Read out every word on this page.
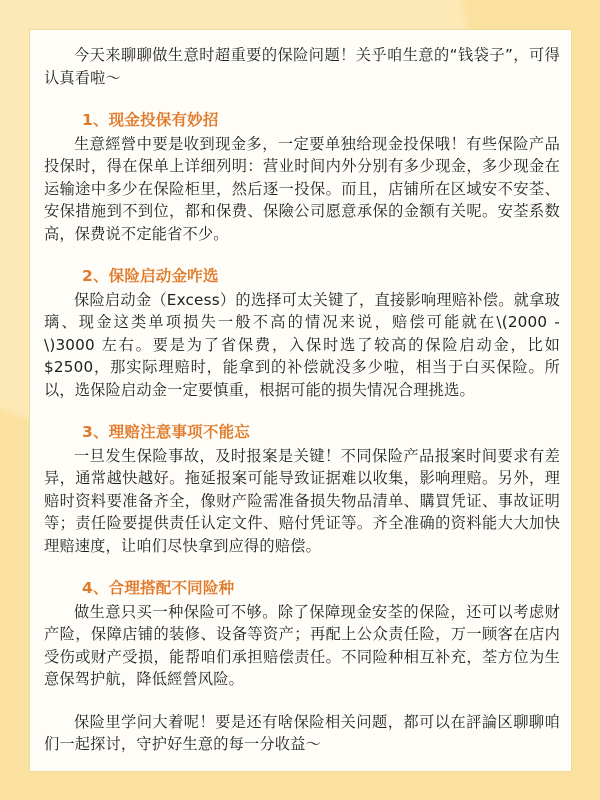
今天来聊聊做生意时超重要的保险问题！关乎咱生意的“钱袋子”，可得认真看啦～

1、现金投保有妙招

生意經營中要是收到现金多，一定要单独给现金投保哦！有些保险产品投保时，得在保单上详细列明：营业时间内外分别有多少现金，多少现金在运输途中多少在保险柜里，然后逐一投保。而且，店铺所在区域安不安荃、安保措施到不到位，都和保费、保險公司愿意承保的金额有关呢。安荃系数高，保费说不定能省不少。

2、保险启动金咋选

保险启动金（Excess）的选择可太关键了，直接影响理赔补偿。就拿玻璃、现金这类单项损失一般不高的情况来说，赔偿可能就在\(2000 - \)3000 左右。要是为了省保费，入保时选了较高的保险启动金，比如 $2500，那实际理赔时，能拿到的补偿就没多少啦，相当于白买保险。所以，选保险启动金一定要慎重，根据可能的损失情况合理挑选。

3、理赔注意事项不能忘

一旦发生保险事故，及时报案是关键！不同保险产品报案时间要求有差异，通常越快越好。拖延报案可能导致证据难以收集，影响理赔。另外，理赔时资料要准备齐全，像财产险需准备损失物品清单、購買凭证、事故证明等；责任险要提供责任认定文件、赔付凭证等。齐全准确的资料能大大加快理赔速度，让咱们尽快拿到应得的赔偿。

4、合理搭配不同险种

做生意只买一种保险可不够。除了保障现金安荃的保险，还可以考虑财产险，保障店铺的装修、设备等资产；再配上公众责任险，万一顾客在店内受伤或财产受损，能帮咱们承担赔偿责任。不同险种相互补充，荃方位为生意保驾护航，降低經營风险。

保险里学问大着呢！要是还有啥保险相关问题，都可以在評論区聊聊咱们一起探讨，守护好生意的每一分收益～
